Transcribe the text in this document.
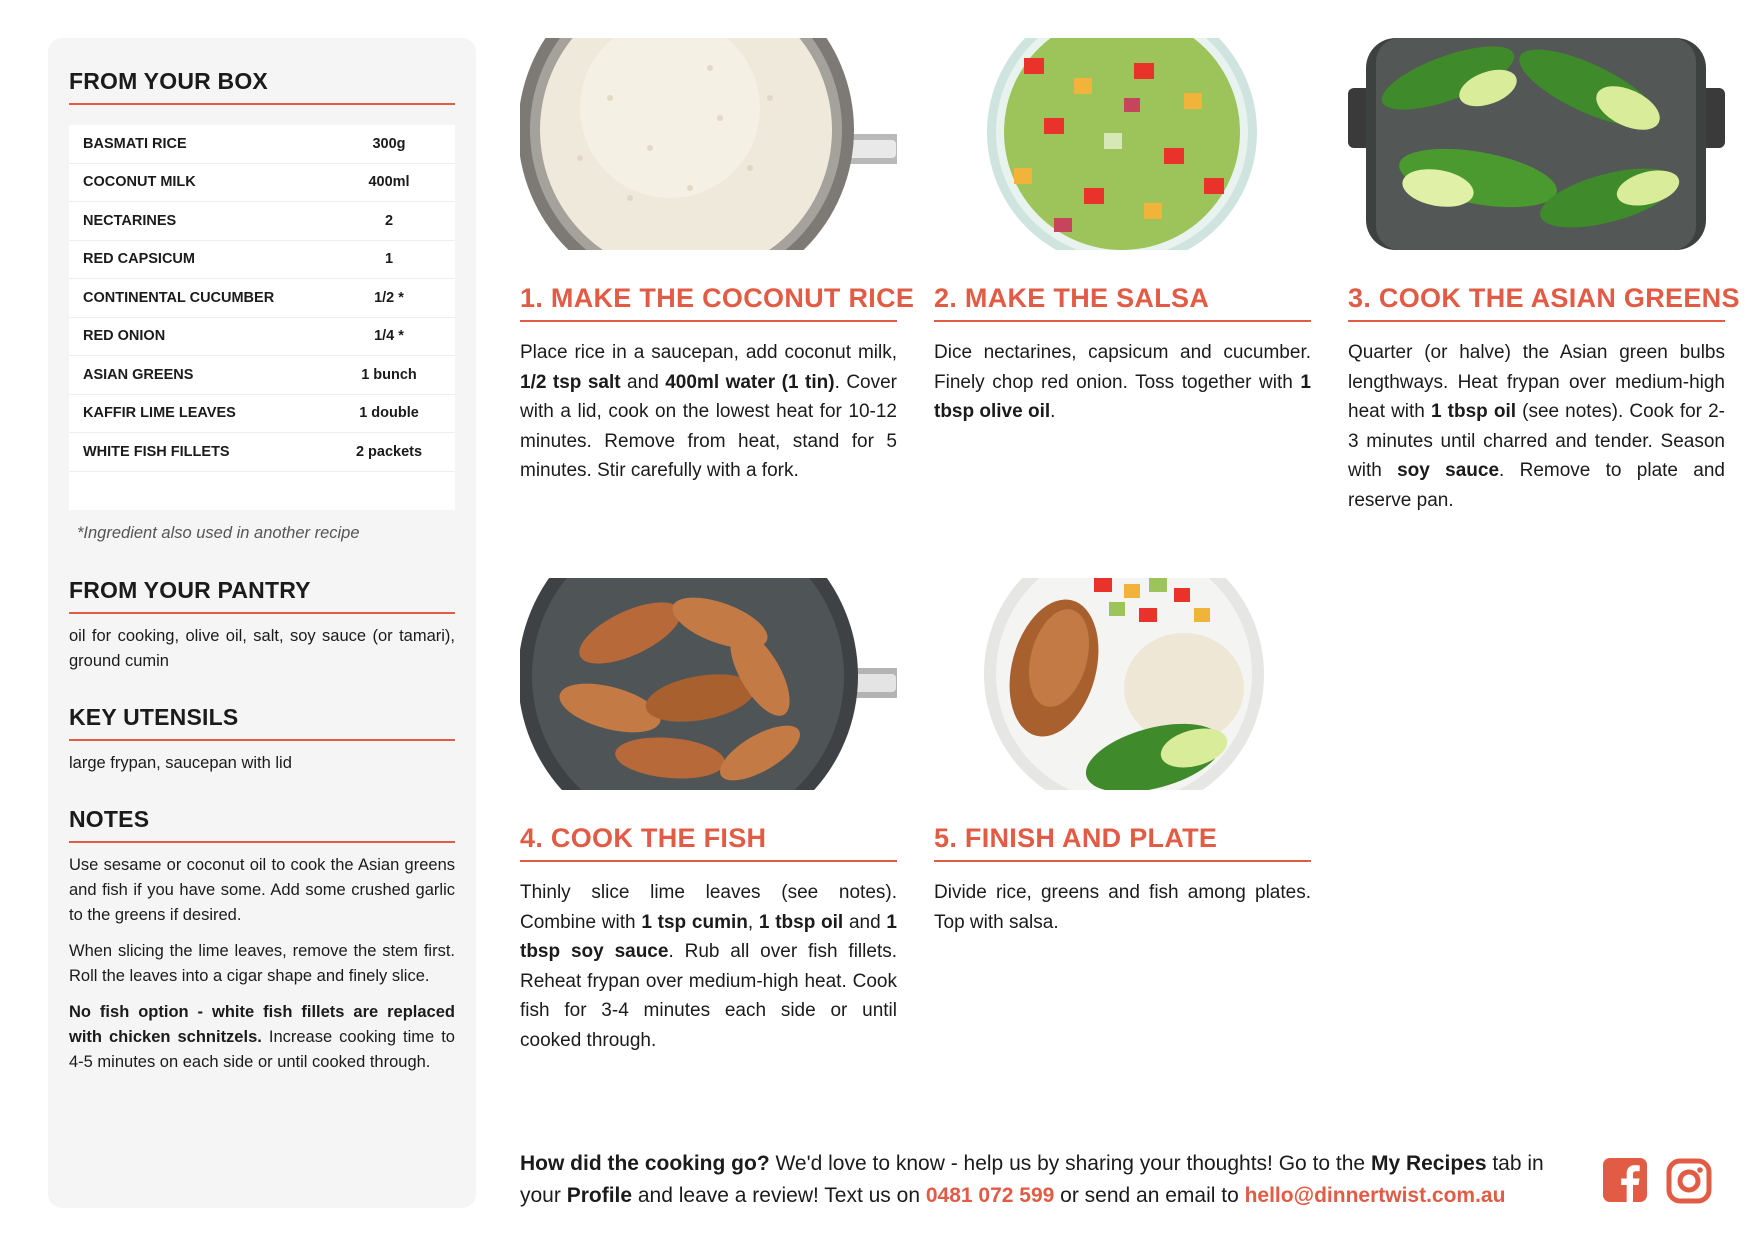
FROM YOUR BOX
BASMATI RICE	300g
COCONUT MILK	400ml
NECTARINES	2
RED CAPSICUM	1
CONTINENTAL CUCUMBER	1/2 *
RED ONION	1/4 *
ASIAN GREENS	1 bunch
KAFFIR LIME LEAVES	1 double
WHITE FISH FILLETS	2 packets

*Ingredient also used in another recipe

FROM YOUR PANTRY
oil for cooking, olive oil, salt, soy sauce (or tamari), ground cumin
KEY UTENSILS
large frypan, saucepan with lid
NOTES

Use sesame or coconut oil to cook the Asian greens and fish if you have some. Add some crushed garlic to the greens if desired.

When slicing the lime leaves, remove the stem first. Roll the leaves into a cigar shape and finely slice.

No fish option - white fish fillets are replaced with chicken schnitzels. Increase cooking time to 4-5 minutes on each side or until cooked through.

1. MAKE THE COCONUT RICE
Place rice in a saucepan, add coconut milk, 1/2 tsp salt and 400ml water (1 tin). Cover with a lid, cook on the lowest heat for 10-12 minutes. Remove from heat, stand for 5 minutes. Stir carefully with a fork.
2. MAKE THE SALSA
Dice nectarines, capsicum and cucumber. Finely chop red onion. Toss together with 1 tbsp olive oil.
3. COOK THE ASIAN GREENS
Quarter (or halve) the Asian green bulbs lengthways. Heat frypan over medium-high heat with 1 tbsp oil (see notes). Cook for 2-3 minutes until charred and tender. Season with soy sauce. Remove to plate and reserve pan.
4. COOK THE FISH
Thinly slice lime leaves (see notes). Combine with 1 tsp cumin, 1 tbsp oil and 1 tbsp soy sauce. Rub all over fish fillets. Reheat frypan over medium-high heat. Cook fish for 3-4 minutes each side or until cooked through.
5. FINISH AND PLATE
Divide rice, greens and fish among plates. Top with salsa.
How did the cooking go? We'd love to know - help us by sharing your thoughts! Go to the My Recipes tab in your Profile and leave a review! Text us on 0481 072 599 or send an email to hello@dinnertwist.com.au
